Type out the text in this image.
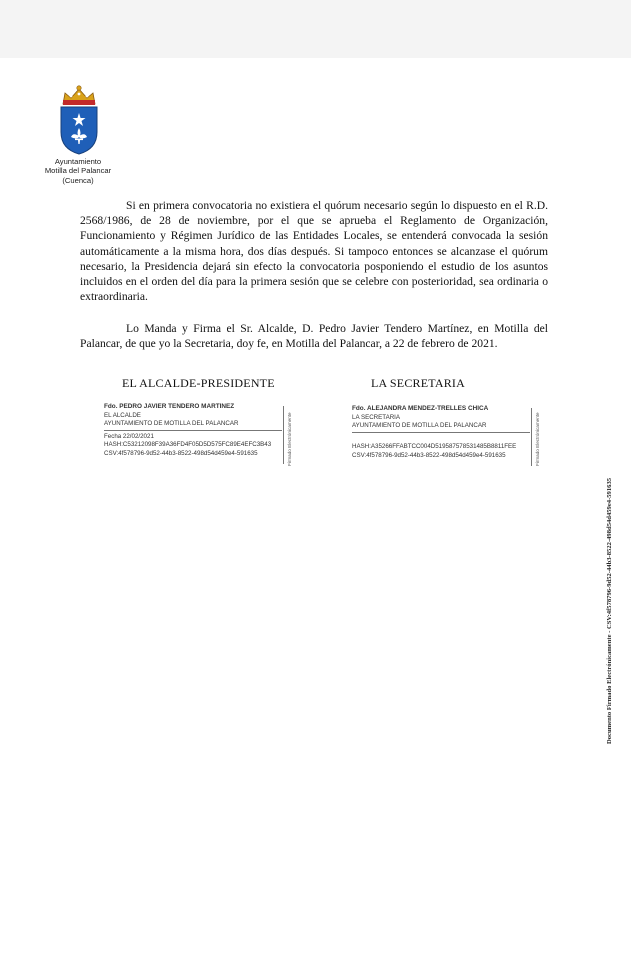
Ayuntamiento
Motilla del Palancar
(Cuenca)
Si en primera convocatoria no existiera el quórum necesario según lo dispuesto en el R.D. 2568/1986, de 28 de noviembre, por el que se aprueba el Reglamento de Organización, Funcionamiento y Régimen Jurídico de las Entidades Locales, se entenderá convocada la sesión automáticamente a la misma hora, dos días después. Si tampoco entonces se alcanzase el quórum necesario, la Presidencia dejará sin efecto la convocatoria posponiendo el estudio de los asuntos incluidos en el orden del día para la primera sesión que se celebre con posterioridad, sea ordinaria o extraordinaria.
Lo Manda y Firma el Sr. Alcalde, D. Pedro Javier Tendero Martínez, en Motilla del Palancar, de que yo la Secretaria, doy fe, en Motilla del Palancar, a 22 de febrero de 2021.
EL ALCALDE-PRESIDENTE	LA SECRETARIA
Fdo. PEDRO JAVIER TENDERO MARTINEZ
EL ALCALDE
AYUNTAMIENTO DE MOTILLA DEL PALANCAR
Fecha 22/02/2021
HASH:C53212098F39A36FD4F05D5D575FC89E4EFC3B43
CSV:4f578796-9d52-44b3-8522-498d54d459e4-591635	Firmado Electrónicamente
Fdo. ALEJANDRA MENDEZ-TRELLES CHICA
LA SECRETARIA
AYUNTAMIENTO DE MOTILLA DEL PALANCAR
HASH:A35266FFABTCC004D519587578531485B8811FEE
CSV:4f578796-9d52-44b3-8522-498d54d459e4-591635	Firmado Electrónicamente
Documento Firmado Electrónicamente - CSV:4f578796-9d52-44b3-8522-498d54d459e4-591635
